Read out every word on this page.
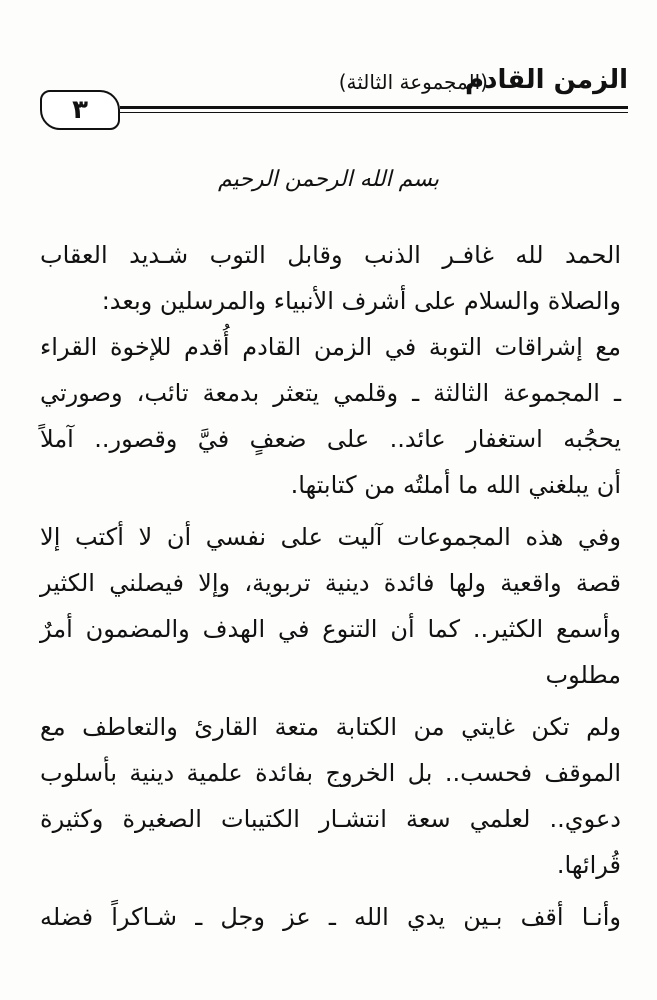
الزمن القادم
(المجموعة الثالثة)
٣
بسم الله الرحمن الرحيم

الحمد لله غافـر الذنب وقابل التوب شـديد العقاب
والصلاة والسلام على أشرف الأنبياء والمرسلين وبعد:

مع إشراقات التوبة في الزمن القادم أُقدم للإخوة القراء
ـ المجموعة الثالثة ـ وقلمي يتعثر بدمعة تائب، وصورتي
يحجُبه استغفار عائد.. على ضعفٍ فيَّ وقصور.. آملاً
أن يبلغني الله ما أملتُه من كتابتها.

وفي هذه المجموعات آليت على نفسي أن لا أكتب إلا
قصة واقعية ولها فائدة دينية تربوية، وإلا فيصلني الكثير
وأسمع الكثير.. كما أن التنوع في الهدف والمضمون أمرٌ
مطلوب

ولم تكن غايتي من الكتابة متعة القارئ والتعاطف مع
الموقف فحسب.. بل الخروج بفائدة علمية دينية بأسلوب
دعوي.. لعلمي سعة انتشـار الكتيبات الصغيرة وكثيرة
قُرائها.

وأنـا أقف بـين يدي الله ـ عز وجل ـ شـاكراً فضله
